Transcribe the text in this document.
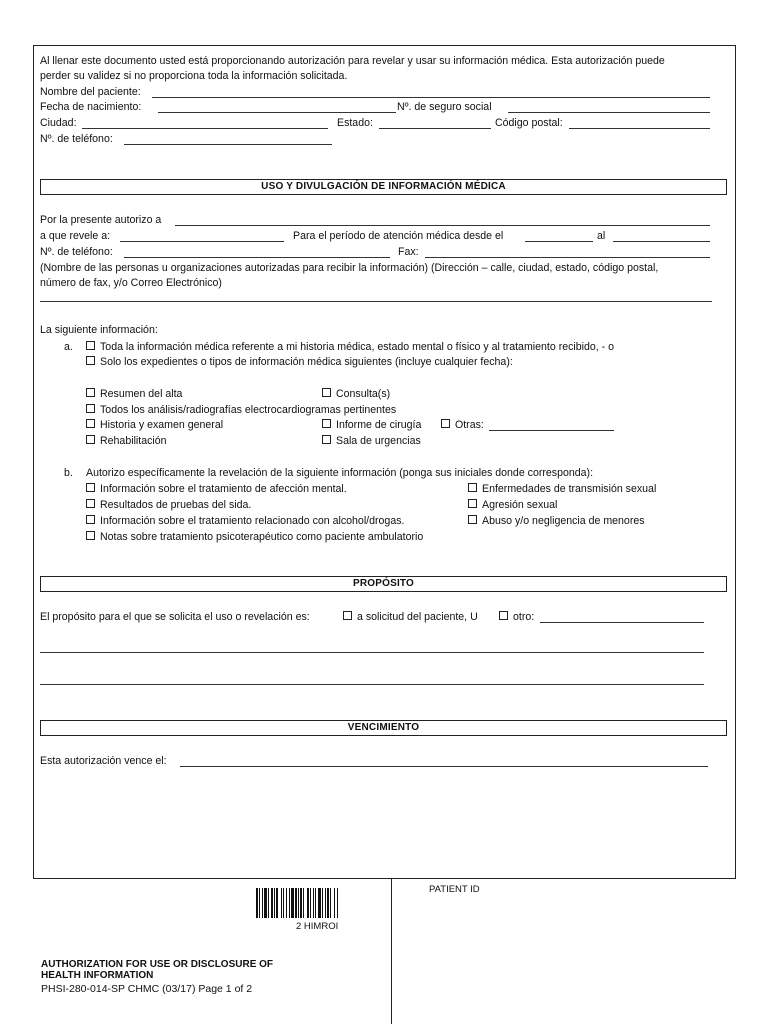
Al llenar este documento usted está proporcionando autorización para revelar y usar su información médica. Esta autorización puede
perder su validez si no proporciona toda la información solicitada.
Nombre del paciente:
Fecha de nacimiento:	Nº. de seguro social
Ciudad:	Estado:	Código postal:
Nº. de teléfono:
USO Y DIVULGACIÓN DE INFORMACIÓN MÉDICA
Por la presente autorizo a
a que revele a:	Para el período de atención médica desde el	al
Nº. de teléfono:	Fax:
(Nombre de las personas u organizaciones autorizadas para recibir la información) (Dirección – calle, ciudad, estado, código postal,
número de fax, y/o Correo Electrónico)
La siguiente información:
a.	Toda la información médica referente a mi historia médica, estado mental o físico y al tratamiento recibido, - o
Solo los expedientes o tipos de información médica siguientes (incluye cualquier fecha):
Resumen del alta	Consulta(s)
Todos los análisis/radiografías electrocardiogramas pertinentes
Historia y examen general	Informe de cirugía	Otras:
Rehabilitación	Sala de urgencias
b. Autorizo específicamente la revelación de la siguiente información (ponga sus iniciales donde corresponda):
Información sobre el tratamiento de afección mental.	Enfermedades de transmisión sexual
Resultados de pruebas del sida.	Agresión sexual
Información sobre el tratamiento relacionado con alcohol/drogas.	Abuso y/o negligencia de menores
Notas sobre tratamiento psicoterapéutico como paciente ambulatorio
PROPÓSITO
El propósito para el que se solicita el uso o revelación es:	a solicitud del paciente, U	otro:
VENCIMIENTO
Esta autorización vence el:
PATIENT ID
2 HIMROI
AUTHORIZATION FOR USE OR DISCLOSURE OF
HEALTH INFORMATION
PHSI-280-014-SP CHMC (03/17) Page 1 of 2
